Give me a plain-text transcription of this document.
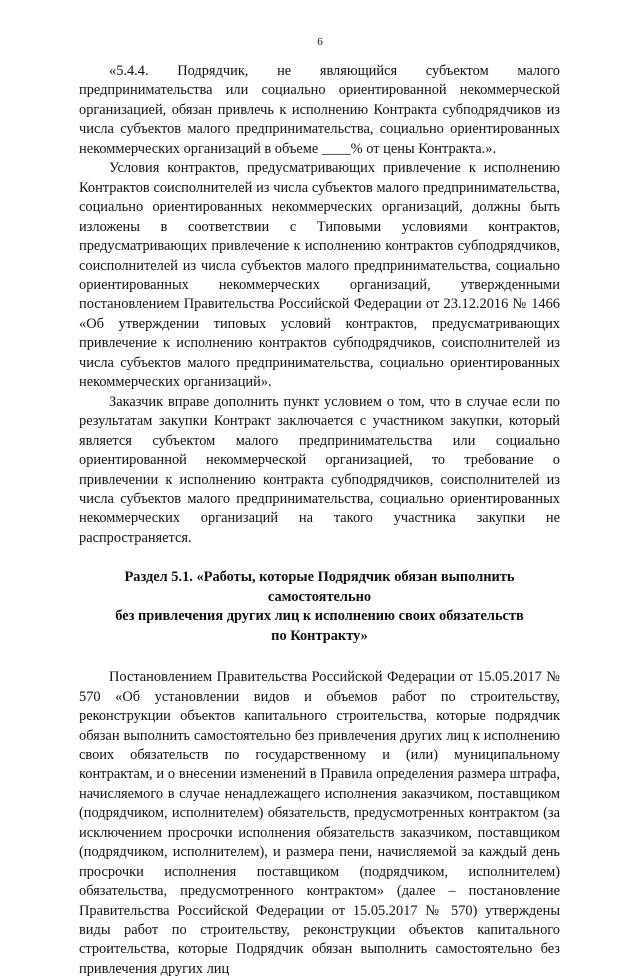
6

«5.4.4. Подрядчик, не являющийся субъектом малого предпринимательства или социально ориентированной некоммерческой организацией, обязан привлечь к исполнению Контракта субподрядчиков из числа субъектов малого предпринимательства, социально ориентированных некоммерческих организаций в объеме ____% от цены Контракта.».

Условия контрактов, предусматривающих привлечение к исполнению Контрактов соисполнителей из числа субъектов малого предпринимательства, социально ориентированных некоммерческих организаций, должны быть изложены в соответствии с Типовыми условиями контрактов, предусматривающих привлечение к исполнению контрактов субподрядчиков, соисполнителей из числа субъектов малого предпринимательства, социально ориентированных некоммерческих организаций, утвержденными постановлением Правительства Российской Федерации от 23.12.2016 № 1466 «Об утверждении типовых условий контрактов, предусматривающих привлечение к исполнению контрактов субподрядчиков, соисполнителей из числа субъектов малого предпринимательства, социально ориентированных некоммерческих организаций».

Заказчик вправе дополнить пункт условием о том, что в случае если по результатам закупки Контракт заключается с участником закупки, который является субъектом малого предпринимательства или социально ориентированной некоммерческой организацией, то требование о привлечении к исполнению контракта субподрядчиков, соисполнителей из числа субъектов малого предпринимательства, социально ориентированных некоммерческих организаций на такого участника закупки не распространяется.

Раздел 5.1. «Работы, которые Подрядчик обязан выполнить самостоятельно
без привлечения других лиц к исполнению своих обязательств
по Контракту»

Постановлением Правительства Российской Федерации от 15.05.2017 № 570 «Об установлении видов и объемов работ по строительству, реконструкции объектов капитального строительства, которые подрядчик обязан выполнить самостоятельно без привлечения других лиц к исполнению своих обязательств по государственному и (или) муниципальному контрактам, и о внесении изменений в Правила определения размера штрафа, начисляемого в случае ненадлежащего исполнения заказчиком, поставщиком (подрядчиком, исполнителем) обязательств, предусмотренных контрактом (за исключением просрочки исполнения обязательств заказчиком, поставщиком (подрядчиком, исполнителем), и размера пени, начисляемой за каждый день просрочки исполнения поставщиком (подрядчиком, исполнителем) обязательства, предусмотренного контрактом» (далее – постановление Правительства Российской Федерации от 15.05.2017 № 570) утверждены виды работ по строительству, реконструкции объектов капитального строительства, которые Подрядчик обязан выполнить самостоятельно без привлечения других лиц
